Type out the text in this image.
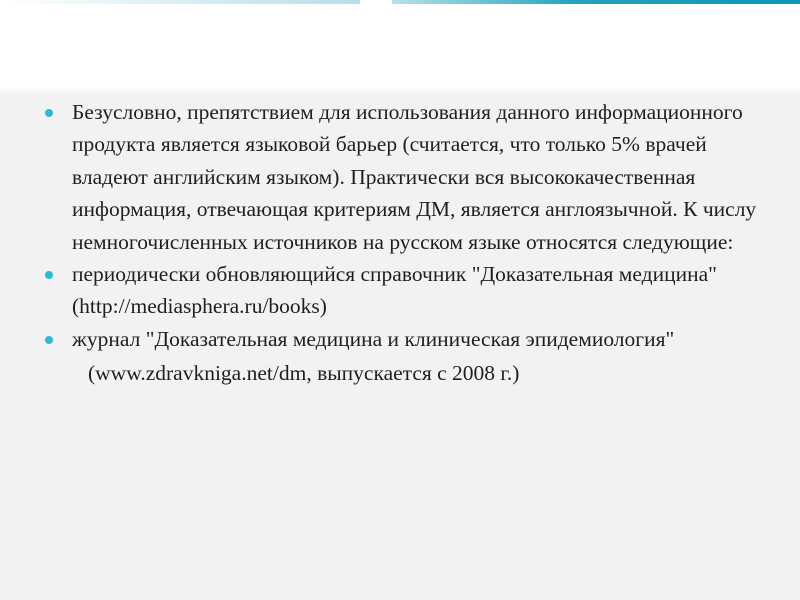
Безусловно, препятствием для использования данного информационного продукта является языковой барьер (считается, что только 5% врачей владеют английским языком). Практически вся высококачественная информация, отвечающая критериям ДМ, является англоязычной. К числу немногочисленных источников на русском языке относятся следующие:
периодически обновляющийся справочник "Доказательная медицина" (http://mediasphera.ru/books)
журнал "Доказательная медицина и клиническая эпидемиология"
(www.zdravkniga.net/dm, выпускается с 2008 г.)
